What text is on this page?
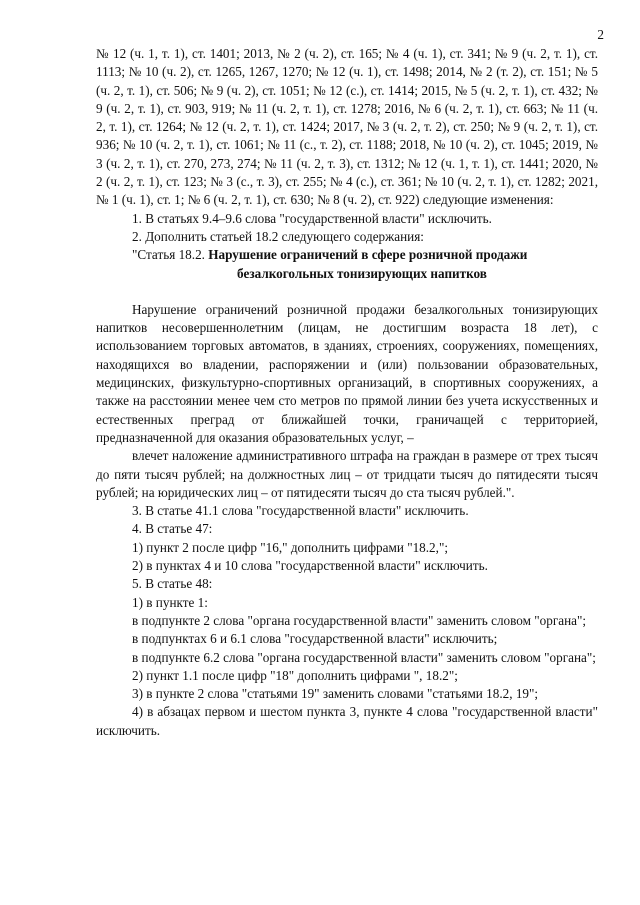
2

№ 12 (ч. 1, т. 1), ст. 1401; 2013, № 2 (ч. 2), ст. 165; № 4 (ч. 1), ст. 341; № 9 (ч. 2, т. 1), ст. 1113; № 10 (ч. 2), ст. 1265, 1267, 1270; № 12 (ч. 1), ст. 1498; 2014, № 2 (т. 2), ст. 151; № 5 (ч. 2, т. 1), ст. 506; № 9 (ч. 2), ст. 1051; № 12 (с.), ст. 1414; 2015, № 5 (ч. 2, т. 1), ст. 432; № 9 (ч. 2, т. 1), ст. 903, 919; № 11 (ч. 2, т. 1), ст. 1278; 2016, № 6 (ч. 2, т. 1), ст. 663; № 11 (ч. 2, т. 1), ст. 1264; № 12 (ч. 2, т. 1), ст. 1424; 2017, № 3 (ч. 2, т. 2), ст. 250; № 9 (ч. 2, т. 1), ст. 936; № 10 (ч. 2, т. 1), ст. 1061; № 11 (с., т. 2), ст. 1188; 2018, № 10 (ч. 2), ст. 1045; 2019, № 3 (ч. 2, т. 1), ст. 270, 273, 274; № 11 (ч. 2, т. 3), ст. 1312; № 12 (ч. 1, т. 1), ст. 1441; 2020, № 2 (ч. 2, т. 1), ст. 123; № 3 (с., т. 3), ст. 255; № 4 (с.), ст. 361; № 10 (ч. 2, т. 1), ст. 1282; 2021, № 1 (ч. 1), ст. 1; № 6 (ч. 2, т. 1), ст. 630; № 8 (ч. 2), ст. 922) следующие изменения:

1. В статьях 9.4–9.6 слова "государственной власти" исключить.

2. Дополнить статьей 18.2 следующего содержания:

"Статья 18.2. Нарушение ограничений в сфере розничной продажи

безалкогольных тонизирующих напитков

Нарушение ограничений розничной продажи безалкогольных тонизирующих напитков несовершеннолетним (лицам, не достигшим возраста 18 лет), с использованием торговых автоматов, в зданиях, строениях, сооружениях, помещениях, находящихся во владении, распоряжении и (или) пользовании образовательных, медицинских, физкультурно-спортивных организаций, в спортивных сооружениях, а также на расстоянии менее чем сто метров по прямой линии без учета искусственных и естественных преград от ближайшей точки, граничащей с территорией, предназначенной для оказания образовательных услуг, –

влечет наложение административного штрафа на граждан в размере от трех тысяч до пяти тысяч рублей; на должностных лиц – от тридцати тысяч до пятидесяти тысяч рублей; на юридических лиц – от пятидесяти тысяч до ста тысяч рублей.".

3. В статье 41.1 слова "государственной власти" исключить.

4. В статье 47:

1) пункт 2 после цифр "16," дополнить цифрами "18.2,";

2) в пунктах 4 и 10 слова "государственной власти" исключить.

5. В статье 48:

1) в пункте 1:

в подпункте 2 слова "органа государственной власти" заменить словом "органа";

в подпунктах 6 и 6.1 слова "государственной власти" исключить;

в подпункте 6.2 слова "органа государственной власти" заменить словом "органа";

2) пункт 1.1 после цифр "18" дополнить цифрами ", 18.2";

3) в пункте 2 слова "статьями 19" заменить словами "статьями 18.2, 19";

4) в абзацах первом и шестом пункта 3, пункте 4 слова "государственной власти" исключить.
